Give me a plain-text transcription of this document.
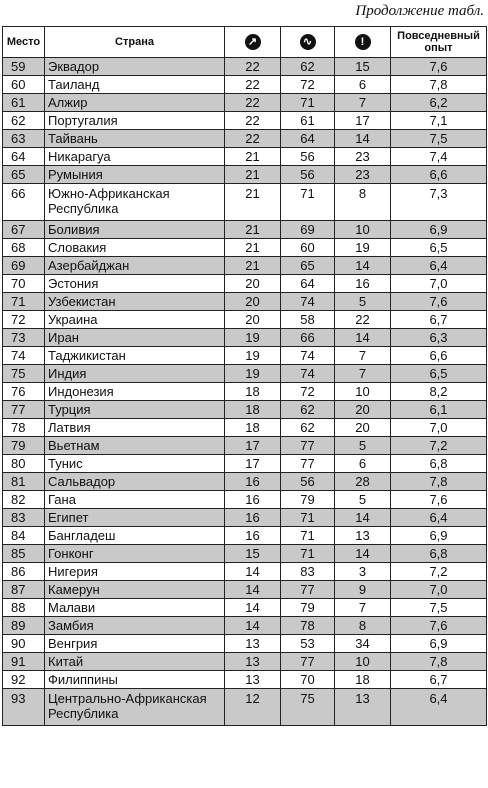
Продолжение табл.
Место	Страна	↗	∿	!	Повседневный опыт
59	Эквадор	22	62	15	7,6
60	Таиланд	22	72	6	7,8
61	Алжир	22	71	7	6,2
62	Португалия	22	61	17	7,1
63	Тайвань	22	64	14	7,5
64	Никарагуа	21	56	23	7,4
65	Румыния	21	56	23	6,6
66	Южно-Африканская Республика	21	71	8	7,3
67	Боливия	21	69	10	6,9
68	Словакия	21	60	19	6,5
69	Азербайджан	21	65	14	6,4
70	Эстония	20	64	16	7,0
71	Узбекистан	20	74	5	7,6
72	Украина	20	58	22	6,7
73	Иран	19	66	14	6,3
74	Таджикистан	19	74	7	6,6
75	Индия	19	74	7	6,5
76	Индонезия	18	72	10	8,2
77	Турция	18	62	20	6,1
78	Латвия	18	62	20	7,0
79	Вьетнам	17	77	5	7,2
80	Тунис	17	77	6	6,8
81	Сальвадор	16	56	28	7,8
82	Гана	16	79	5	7,6
83	Египет	16	71	14	6,4
84	Бангладеш	16	71	13	6,9
85	Гонконг	15	71	14	6,8
86	Нигерия	14	83	3	7,2
87	Камерун	14	77	9	7,0
88	Малави	14	79	7	7,5
89	Замбия	14	78	8	7,6
90	Венгрия	13	53	34	6,9
91	Китай	13	77	10	7,8
92	Филиппины	13	70	18	6,7
93	Центрально-Африканская Республика	12	75	13	6,4
